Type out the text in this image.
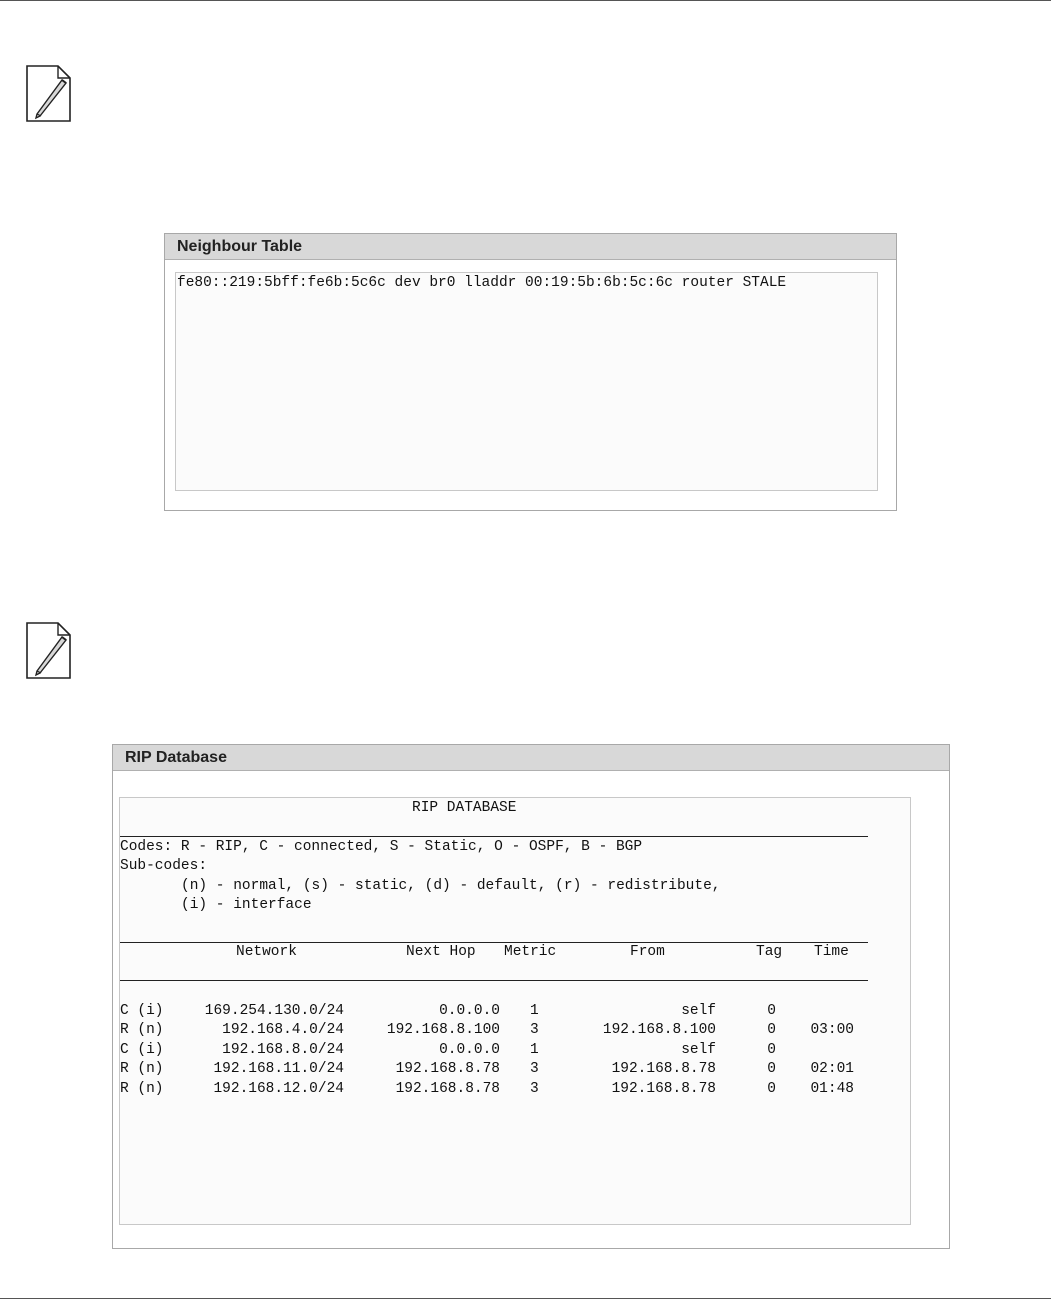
Neighbour Table
fe80::219:5bff:fe6b:5c6c dev br0 lladdr 00:19:5b:6b:5c:6c router STALE
RIP Database
RIP DATABASE
Codes: R - RIP, C - connected, S - Static, O - OSPF, B - BGP
Sub-codes:
(n) - normal, (s) - static, (d) - default, (r) - redistribute,
(i) - interface
	Network	Next Hop	Metric	From	Tag	Time
C (i)	169.254.130.0/24	0.0.0.0	1	self	0	
R (n)	192.168.4.0/24	192.168.8.100	3	192.168.8.100	0	03:00
C (i)	192.168.8.0/24	0.0.0.0	1	self	0	
R (n)	192.168.11.0/24	192.168.8.78	3	192.168.8.78	0	02:01
R (n)	192.168.12.0/24	192.168.8.78	3	192.168.8.78	0	01:48
